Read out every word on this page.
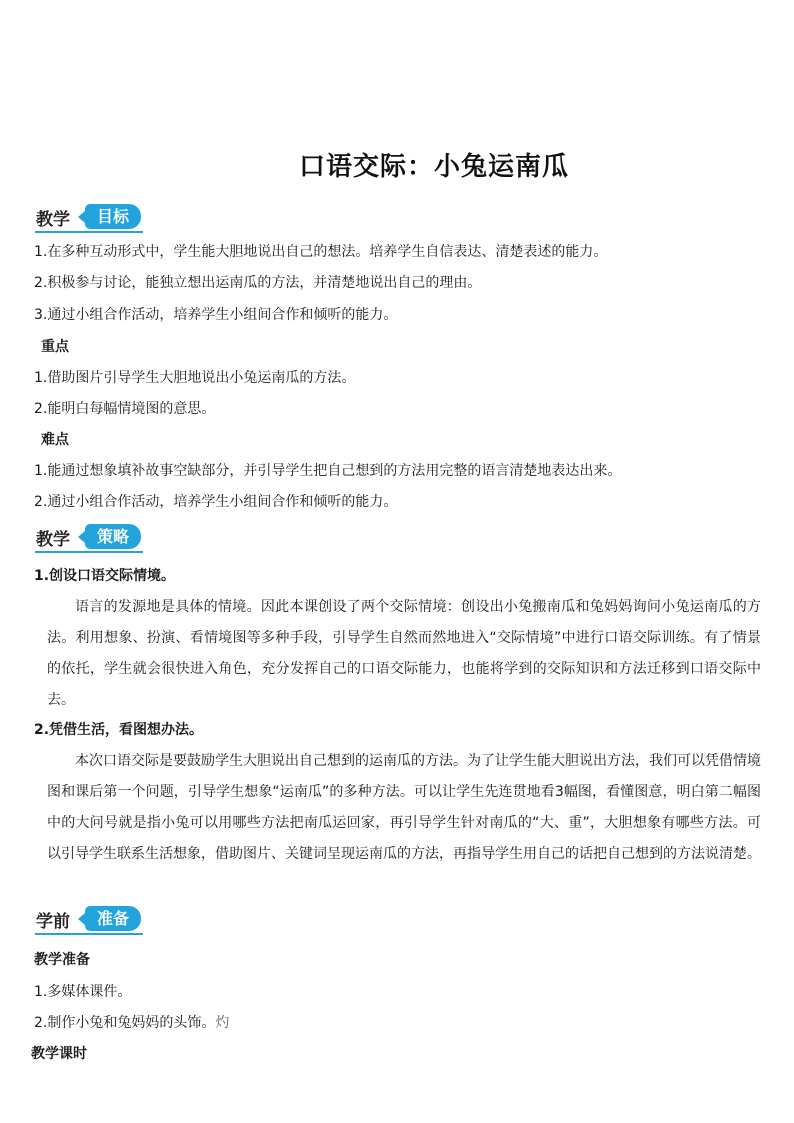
口语交际：小兔运南瓜
教学	目标
1.在多种互动形式中，学生能大胆地说出自己的想法。培养学生自信表达、清楚表述的能力。
2.积极参与讨论，能独立想出运南瓜的方法，并清楚地说出自己的理由。
3.通过小组合作活动，培养学生小组间合作和倾听的能力。
重点
1.借助图片引导学生大胆地说出小兔运南瓜的方法。
2.能明白每幅情境图的意思。
难点
1.能通过想象填补故事空缺部分，并引导学生把自己想到的方法用完整的语言清楚地表达出来。
2.通过小组合作活动，培养学生小组间合作和倾听的能力。
教学	策略
1.创设口语交际情境。
语言的发源地是具体的情境。因此本课创设了两个交际情境：创设出小兔搬南瓜和兔妈妈询问小兔运南瓜的方法。利用想象、扮演、看情境图等多种手段，引导学生自然而然地进入“交际情境”中进行口语交际训练。有了情景的依托，学生就会很快进入角色，充分发挥自己的口语交际能力，也能将学到的交际知识和方法迁移到口语交际中去。
2.凭借生活，看图想办法。
本次口语交际是要鼓励学生大胆说出自己想到的运南瓜的方法。为了让学生能大胆说出方法，我们可以凭借情境图和课后第一个问题，引导学生想象“运南瓜”的多种方法。可以让学生先连贯地看3幅图，看懂图意，明白第二幅图中的大问号就是指小兔可以用哪些方法把南瓜运回家，再引导学生针对南瓜的“大、重”，大胆想象有哪些方法。可以引导学生联系生活想象，借助图片、关键词呈现运南瓜的方法，再指导学生用自己的话把自己想到的方法说清楚。
学前	准备
教学准备
1.多媒体课件。
2.制作小兔和兔妈妈的头饰。灼
教学课时
